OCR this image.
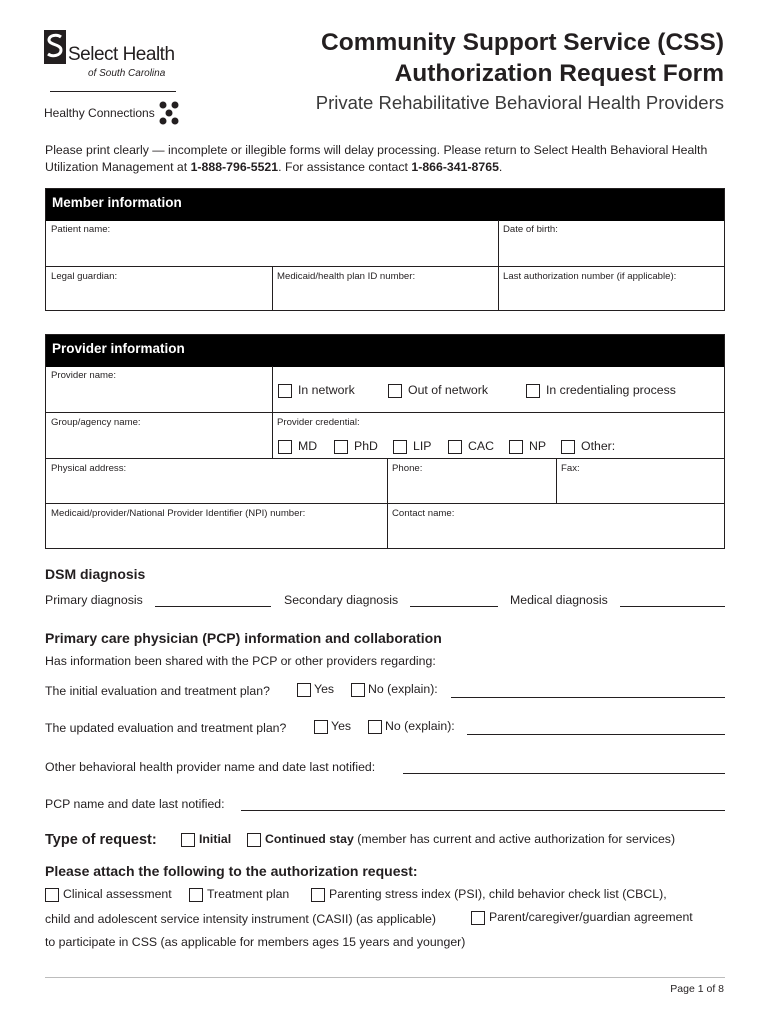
Select Health
of South Carolina
Healthy Connections
Community Support Service (CSS)
Authorization Request Form
Private Rehabilitative Behavioral Health Providers
Please print clearly — incomplete or illegible forms will delay processing. Please return to Select Health Behavioral Health Utilization Management at 1-888-796-5521. For assistance contact 1-866-341-8765.
Member information
Patient name:	Date of birth:
Legal guardian:	Medicaid/health plan ID number:	Last authorization number (if applicable):
Provider information
Provider name:
In network	Out of network	In credentialing process
Group/agency name:	Provider credential:
MD	PhD	LIP	CAC	NP	Other:
Physical address:	Phone:	Fax:
Medicaid/provider/National Provider Identifier (NPI) number:	Contact name:
DSM diagnosis
Primary diagnosis	Secondary diagnosis	Medical diagnosis
Primary care physician (PCP) information and collaboration
Has information been shared with the PCP or other providers regarding:
The initial evaluation and treatment plan?	Yes	No (explain):
The updated evaluation and treatment plan?	Yes	No (explain):
Other behavioral health provider name and date last notified:
PCP name and date last notified:
Type of request:	Initial	Continued stay (member has current and active authorization for services)
Please attach the following to the authorization request:
Clinical assessment	Treatment plan	Parenting stress index (PSI), child behavior check list (CBCL),
child and adolescent service intensity instrument (CASII) (as applicable)	Parent/caregiver/guardian agreement
to participate in CSS (as applicable for members ages 15 years and younger)
Page 1 of 8
